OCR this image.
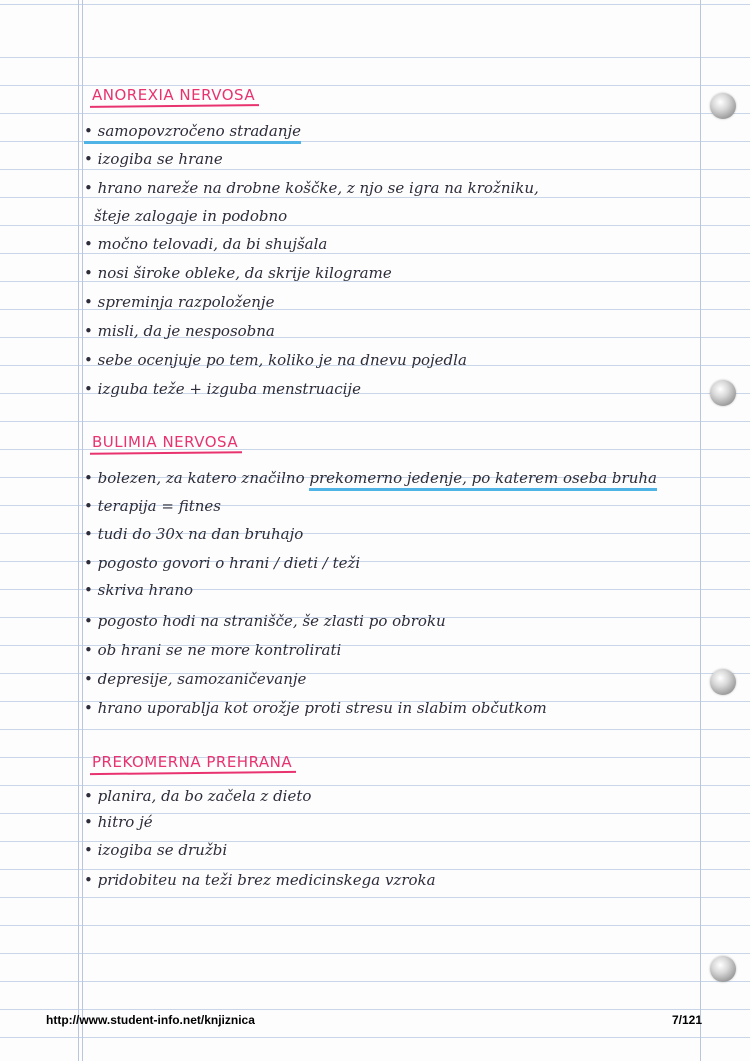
ANOREXIA NERVOSA
• samopovzročeno stradanje
• izogiba se hrane
• hrano nareže na drobne koščke, z njo se igra na krožniku,
šteje zalogaje in podobno
• močno telovadi, da bi shujšala
• nosi široke obleke, da skrije kilograme
• spreminja razpoloženje
• misli, da je nesposobna
• sebe ocenjuje po tem, koliko je na dnevu pojedla
• izguba teže + izguba menstruacije
BULIMIA NERVOSA
• bolezen, za katero značilno prekomerno jedenje, po katerem oseba bruha
• terapija = fitnes
• tudi do 30x na dan bruhajo
• pogosto govori o hrani / dieti / teži
• skriva hrano
• pogosto hodi na stranišče, še zlasti po obroku
• ob hrani se ne more kontrolirati
• depresije, samozaničevanje
• hrano uporablja kot orožje proti stresu in slabim občutkom
PREKOMERNA PREHRANA
• planira, da bo začela z dieto
• hitro jé
• izogiba se družbi
• pridobiteu na teži brez medicinskega vzroka
http://www.student-info.net/knjiznica	7/121
